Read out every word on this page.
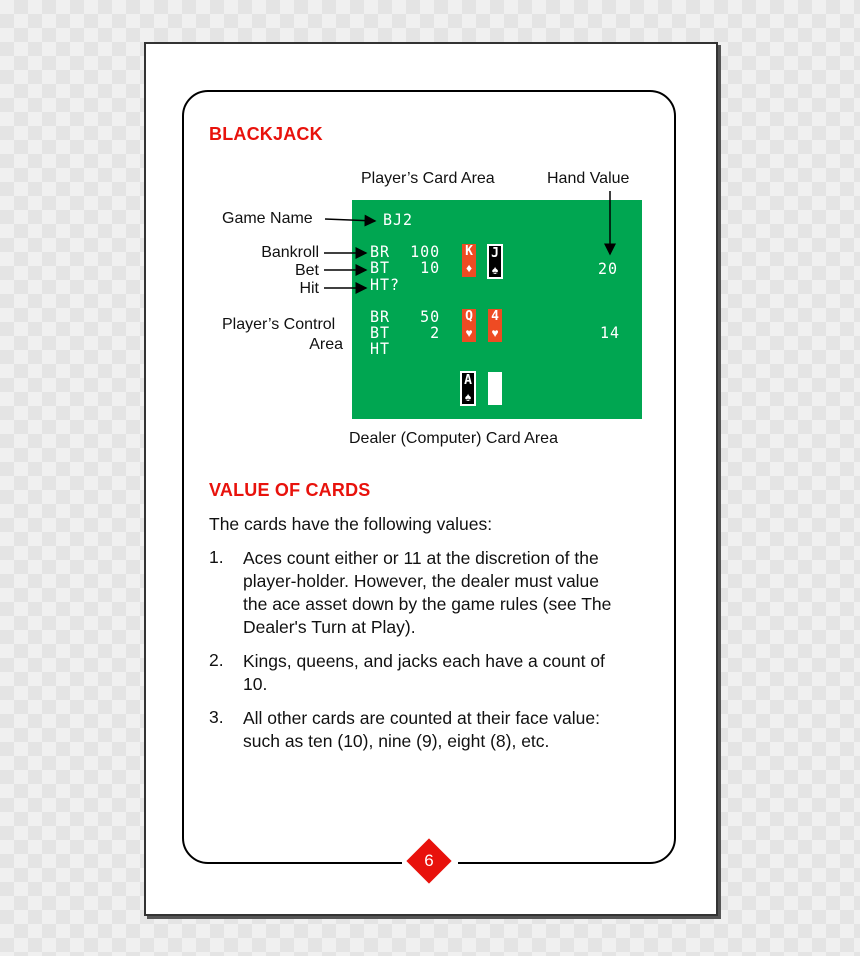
BLACKJACK
Player’s Card Area	Hand Value
Game Name
Bankroll
Bet
Hit
Player’s Control
Area
BJ2
BR  100
BT   10
HT?
20
BR   50
BT    2
HT
14
K
♦
J
♠
Q
♥
4
♥
A
♠
Dealer (Computer) Card Area
VALUE OF CARDS
The cards have the following values:
1. Aces count either or 11 at the discretion of the
player-holder. However, the dealer must value
the ace asset down by the game rules (see The
Dealer's Turn at Play).
2. Kings, queens, and jacks each have a count of
10.
3. All other cards are counted at their face value:
such as ten (10), nine (9), eight (8), etc.
6
